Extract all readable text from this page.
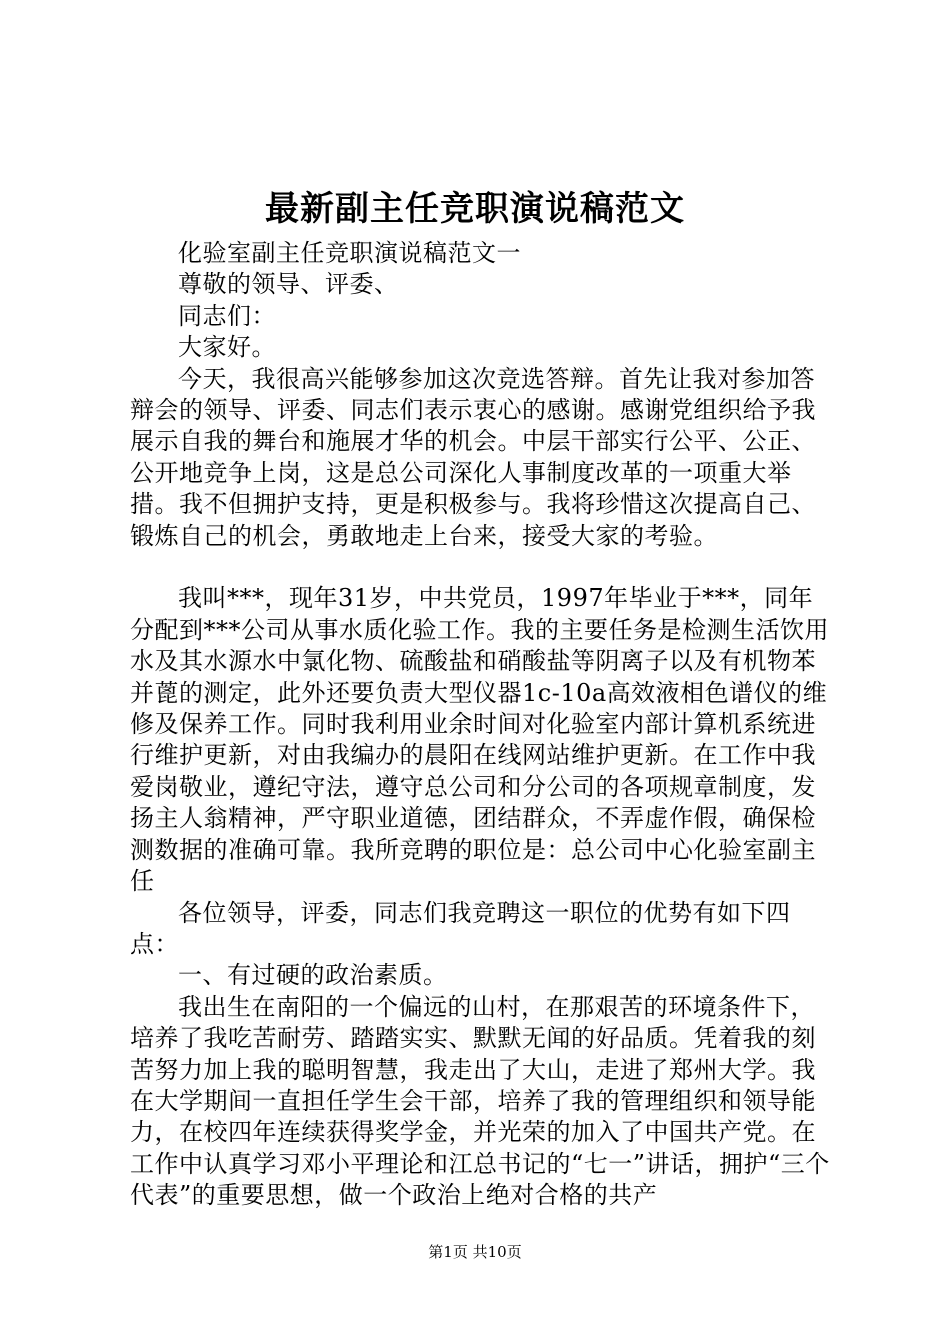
最新副主任竞职演说稿范文

化验室副主任竞职演说稿范文一

尊敬的领导、评委、

同志们：

大家好。

今天，我很高兴能够参加这次竞选答辩。首先让我对参加答辩会的领导、评委、同志们表示衷心的感谢。感谢党组织给予我展示自我的舞台和施展才华的机会。中层干部实行公平、公正、公开地竞争上岗，这是总公司深化人事制度改革的一项重大举措。我不但拥护支持，更是积极参与。我将珍惜这次提高自己、锻炼自己的机会，勇敢地走上台来，接受大家的考验。

我叫***，现年31岁，中共党员，1997年毕业于***，同年分配到***公司从事水质化验工作。我的主要任务是检测生活饮用水及其水源水中氯化物、硫酸盐和硝酸盐等阴离子以及有机物苯并蓖的测定，此外还要负责大型仪器1c-10a高效液相色谱仪的维修及保养工作。同时我利用业余时间对化验室内部计算机系统进行维护更新，对由我编办的晨阳在线网站维护更新。在工作中我爱岗敬业，遵纪守法，遵守总公司和分公司的各项规章制度，发扬主人翁精神，严守职业道德，团结群众，不弄虚作假，确保检测数据的准确可靠。我所竞聘的职位是：总公司中心化验室副主任

各位领导，评委，同志们我竞聘这一职位的优势有如下四点：

一、有过硬的政治素质。

我出生在南阳的一个偏远的山村，在那艰苦的环境条件下，培养了我吃苦耐劳、踏踏实实、默默无闻的好品质。凭着我的刻苦努力加上我的聪明智慧，我走出了大山，走进了郑州大学。我在大学期间一直担任学生会干部，培养了我的管理组织和领导能力，在校四年连续获得奖学金，并光荣的加入了中国共产党。在工作中认真学习邓小平理论和江总书记的“七一”讲话，拥护“三个代表”的重要思想，做一个政治上绝对合格的共产

第1页 共10页
